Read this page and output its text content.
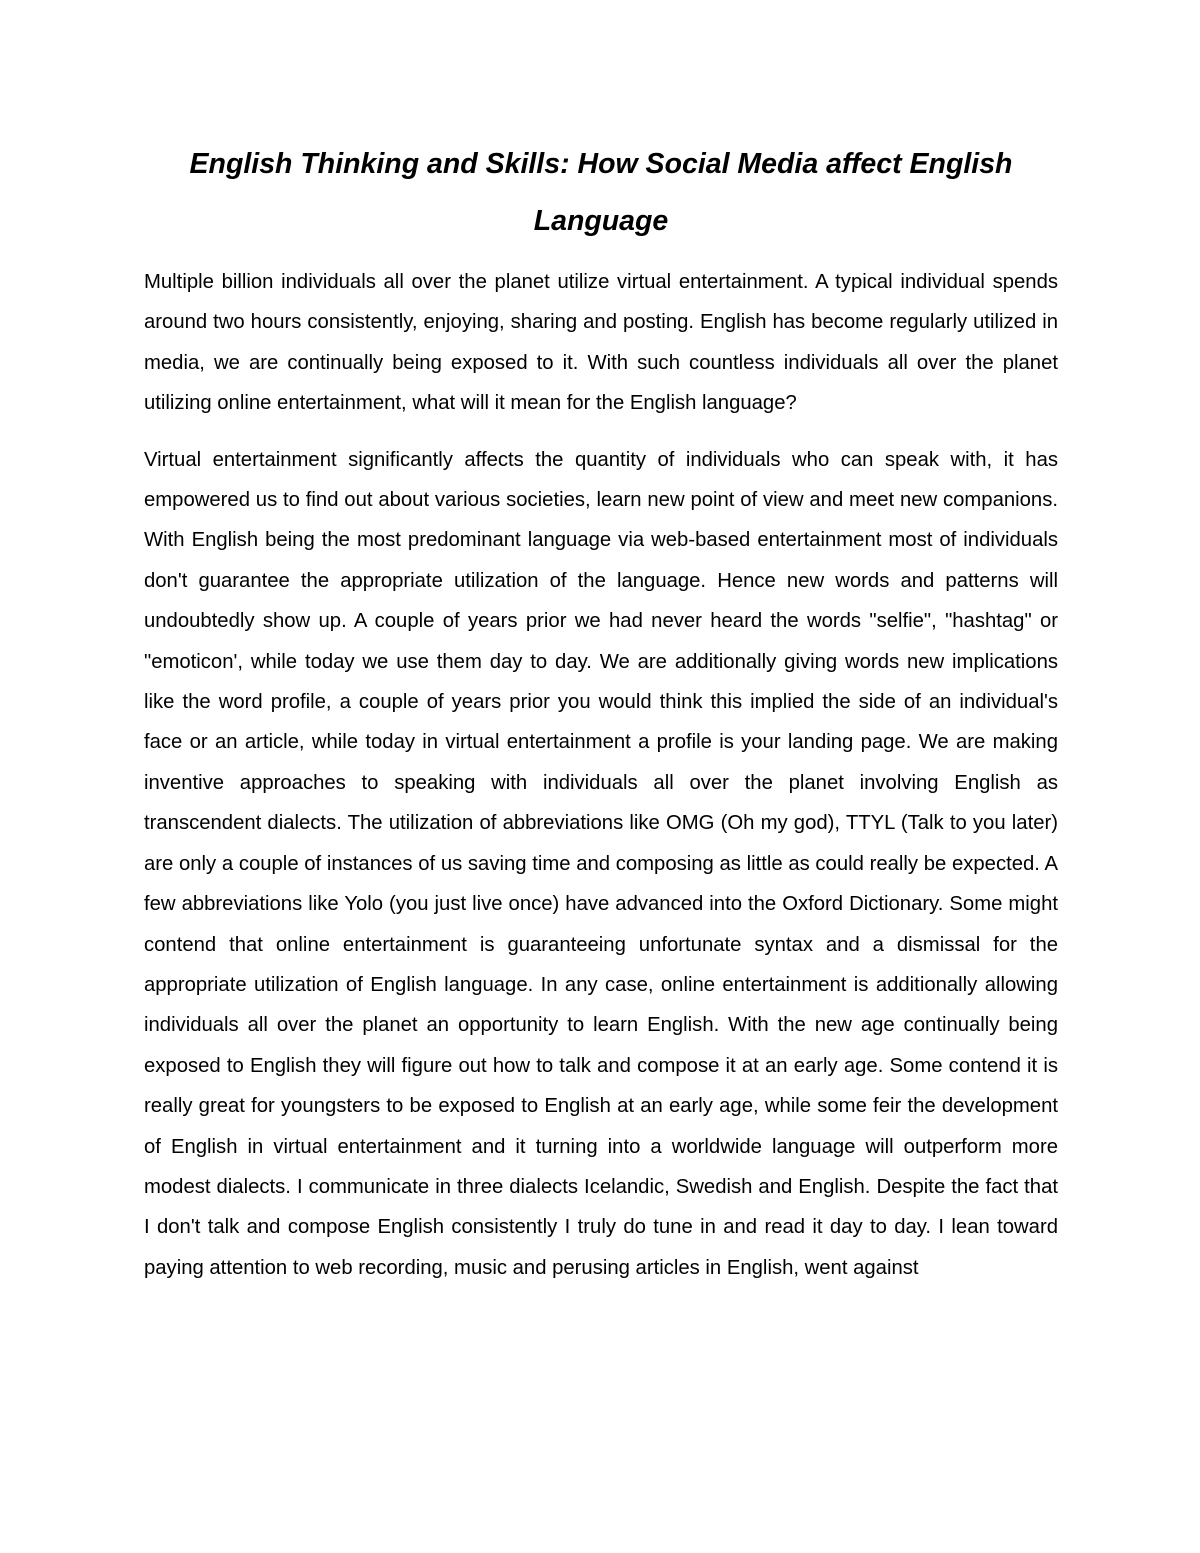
English Thinking and Skills: How Social Media affect English Language

Multiple billion individuals all over the planet utilize virtual entertainment. A typical individual spends around two hours consistently, enjoying, sharing and posting. English has become regularly utilized in media, we are continually being exposed to it. With such countless individuals all over the planet utilizing online entertainment, what will it mean for the English language?

Virtual entertainment significantly affects the quantity of individuals who can speak with, it has empowered us to find out about various societies, learn new point of view and meet new companions. With English being the most predominant language via web-based entertainment most of individuals don't guarantee the appropriate utilization of the language. Hence new words and patterns will undoubtedly show up. A couple of years prior we had never heard the words "selfie", "hashtag" or "emoticon', while today we use them day to day. We are additionally giving words new implications like the word profile, a couple of years prior you would think this implied the side of an individual's face or an article, while today in virtual entertainment a profile is your landing page. We are making inventive approaches to speaking with individuals all over the planet involving English as transcendent dialects. The utilization of abbreviations like OMG (Oh my god), TTYL (Talk to you later) are only a couple of instances of us saving time and composing as little as could really be expected. A few abbreviations like Yolo (you just live once) have advanced into the Oxford Dictionary. Some might contend that online entertainment is guaranteeing unfortunate syntax and a dismissal for the appropriate utilization of English language. In any case, online entertainment is additionally allowing individuals all over the planet an opportunity to learn English. With the new age continually being exposed to English they will figure out how to talk and compose it at an early age. Some contend it is really great for youngsters to be exposed to English at an early age, while some feir the development of English in virtual entertainment and it turning into a worldwide language will outperform more modest dialects. I communicate in three dialects Icelandic, Swedish and English. Despite the fact that I don't talk and compose English consistently I truly do tune in and read it day to day. I lean toward paying attention to web recording, music and perusing articles in English, went against
